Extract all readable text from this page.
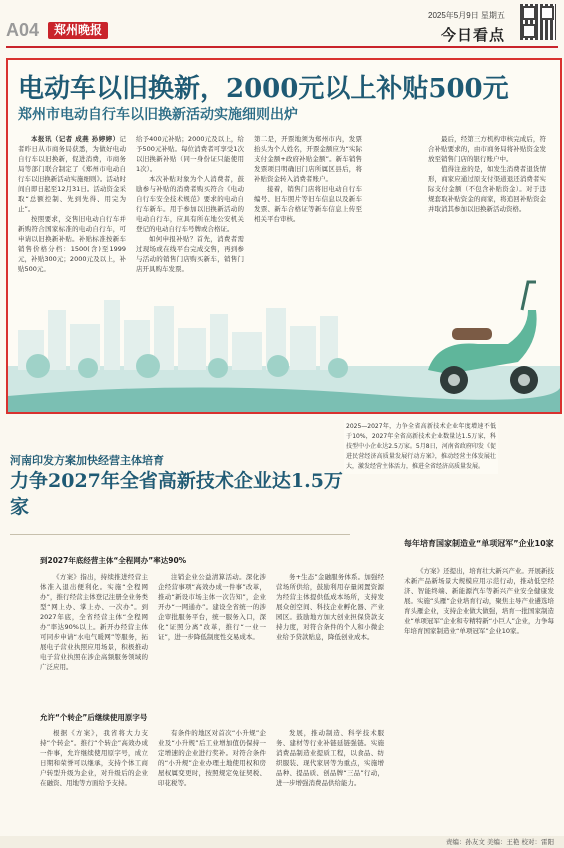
A04	郑州晚报
2025年5月9日 星期五
今日看点
电动车以旧换新，2000元以上补贴500元
郑州市电动自行车以旧换新活动实施细则出炉

本报讯（记者 成燕 孙婷婷）记者昨日从市商务局获悉，为做好电动自行车以旧换新，促进消费，市商务局等部门联合制定了《郑州市电动自行车以旧换新活动实施细则》。活动时间自即日起至12月31日。活动资金采取“总额控制、先到先得、用完为止”。

按照要求，交售旧电动自行车并新购符合国家标准的电动自行车，可申请以旧换新补贴。补贴标准按新车销售价格分档：1500(含)至1999元，补贴300元；2000元及以上，补贴500元。

给予400元补贴；2000元及以上，给予500元补贴。每位消费者可享受1次以旧换新补贴（同一身份证只能使用1次）。

本次补贴对象为个人消费者，鼓励参与补贴的消费者购买符合《电动自行车安全技术规范》要求的电动自行车新车。用于参加以旧换新活动的电动自行车，应具有所在地公安机关登记的电动自行车号牌或合格证。

如何申报补贴？首先，消费者需过现场或在线平台完成交售，再到参与活动的销售门店购买新车，销售门店开具购车发票。

第二是，开票地须为郑州市内，发票抬头为个人姓名，开票金额应为“实际支付金额+政府补贴金额”。新车销售发票项目明确旧门店所属区县后，将补贴资金转入消费者账户。

接着，销售门店将旧电动自行车编号、旧车照片等旧车信息以及新车发票、新车合格证等新车信息上传至相关平台审核。

最后，经第三方机构审核完成后，符合补贴要求的，由市商务局将补贴资金发放至销售门店的银行账户中。

值得注意的是，如发生消费者退货情形，商家应通过原支付渠道退还消费者实际支付金额（不包含补贴资金）。对于违规套取补贴资金的商家，将追回补贴资金并取消其参加以旧换新活动资格。

2025—2027年，力争全省高新技术企业年度增速不低于10%，2027年全省高新技术企业数量达1.5万家，科技型中小企业达2.5万家。5月8日，河南省政府印发《促进民营经济高质量发展行动方案》，推动经营主体发展壮大，激发经营主体活力，推进全省经济高质量发展。
河南印发方案加快经营主体培育
力争2027年全省高新技术企业达1.5万家
到2027年底经营主体“全程网办”率达90%

《方案》指出，持续推进经营主体准入退出便利化。实施“全程网办”，推行经营主体登记注册全业务类型“网上办、掌上办、一次办”。到2027年底，全省经营主体“全程网办”率达90%以上。新开办经营主体可同步申请“水电气暖网”等服务，拓展电子营业执照应用场景，积极推动电子营业执照在涉企高频服务领域的广泛应用。

注销企业公益清算活动。深化涉企经营事项“高效办成一件事”改革，推动“新设市场主体一次告知”，企业开办“一网通办”。建设全省统一的涉企审批服务平台，统一服务入口，深化“证照分离”改革，推行“一业一证”，进一步降低制度性交易成本。

务+生态”金融服务体系。加强经营场所供给，鼓励利用存量闲置资源为经营主体提供低成本场所，支持发展众创空间、科技企业孵化器、产业园区。鼓励地方加大创业担保贷款支持力度，对符合条件的个人和小微企业给予贷款贴息，降低创业成本。

允许“个转企”后继续使用原字号

根据《方案》，我省将大力支持“个转企”。推行“个转企”高效办成一件事，允许继续使用原字号，成立日期和荣誉可以继承，支持个体工商户转型升级为企业，对升级后的企业在融资、用地等方面给予支持。

有条件的地区对首次“小升规”企业及“小升规”后工业增加值仍保持一定增速的企业进行奖补。对符合条件的“小升规”企业办理土地使用权和房屋权属变更时，按照规定免征契税、印花税等。

发展，推动制造、科学技术服务、建材等行业补链延链强链。实施消费品制造业提质工程，以食品、纺织服装、现代家居等为重点，实施增品种、提品质、创品牌“三品”行动，进一步增强消费品供给能力。

每年培育国家制造业“单项冠军”企业10家

《方案》还提出，培育壮大新兴产业。开展新技术新产品新场景大规模应用示范行动，推动低空经济、智能终端、新能源汽车等新兴产业安全健康发展。实施“头雁”企业培育行动，聚焦主导产业遴选培育头雁企业，支持企业做大做强，培育一批国家制造业“单项冠军”企业和专精特新“小巨人”企业，力争每年培育国家制造业“单项冠军”企业10家。

责编：孙友文 美编：王艳 校对：雷阳
